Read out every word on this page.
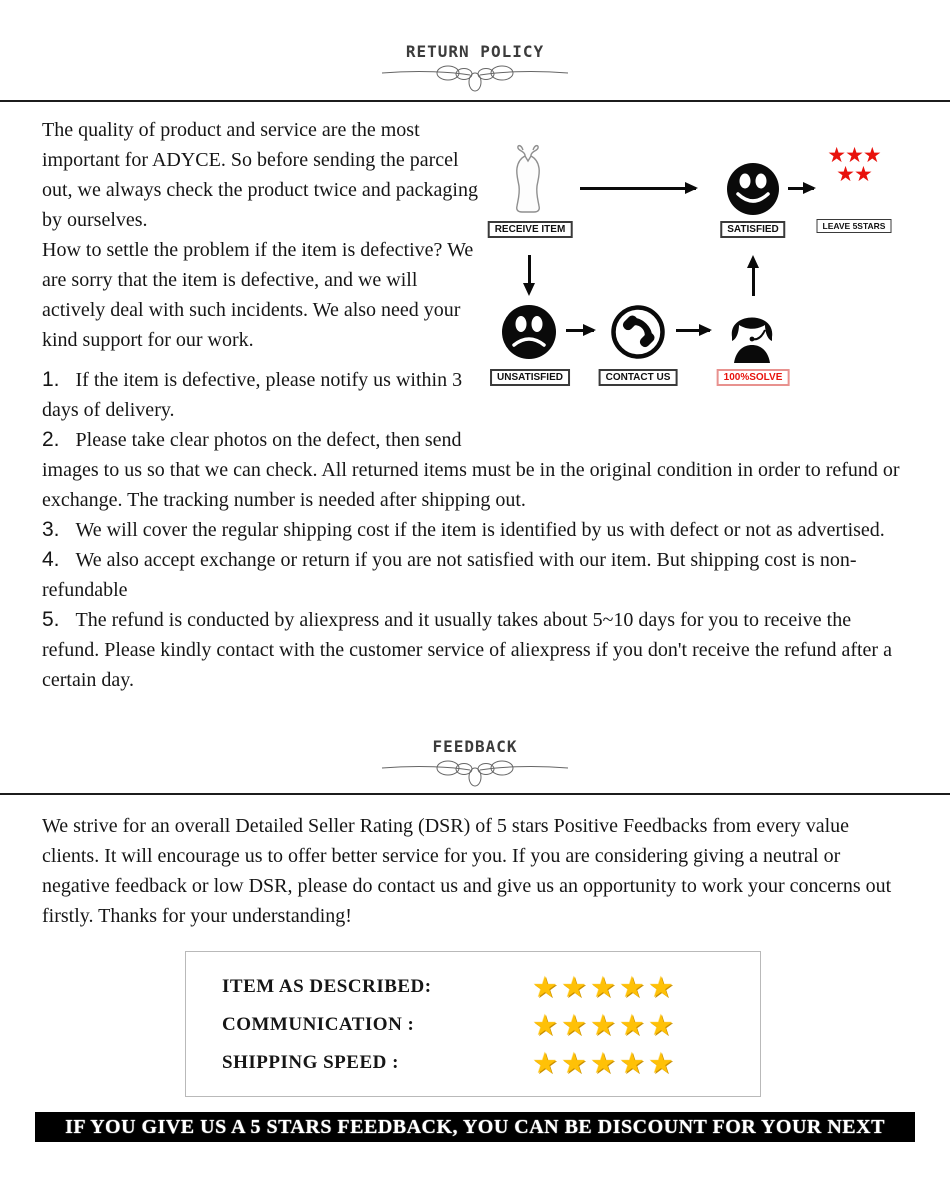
RETURN POLICY
RECEIVE ITEM	SATISFIED
★★★
★★
LEAVE 5STARS
UNSATISFIED	CONTACT US	100%SOLVE

The quality of product and service are the most important for ADYCE. So before sending the parcel out, we always check the product twice and packaging by ourselves.

How to settle the problem if the item is defective? We are sorry that the item is defective, and we will actively deal with such incidents. We also need your kind support for our work.

1. If the item is defective, please notify us within 3 days of delivery.

2. Please take clear photos on the defect, then send images to us so that we can check. All returned items must be in the original condition in order to refund or exchange. The tracking number is needed after shipping out.

3. We will cover the regular shipping cost if the item is identified by us with defect or not as advertised.

4. We also accept exchange or return if you are not satisfied with our item. But shipping cost is non-refundable

5. The refund is conducted by aliexpress and it usually takes about 5~10 days for you to receive the refund. Please kindly contact with the customer service of aliexpress if you don't receive the refund after a certain day.

FEEDBACK

We strive for an overall Detailed Seller Rating (DSR) of 5 stars Positive Feedbacks from every value clients. It will encourage us to offer better service for you. If you are considering giving a neutral or negative feedback or low DSR, please do contact us and give us an opportunity to work your concerns out firstly. Thanks for your understanding!

ITEM AS DESCRIBED:	★ ★ ★ ★ ★
COMMUNICATION :	★ ★ ★ ★ ★
SHIPPING SPEED :	★ ★ ★ ★ ★
IF YOU GIVE US A 5 STARS FEEDBACK, YOU CAN BE DISCOUNT FOR YOUR NEXT ORDER
